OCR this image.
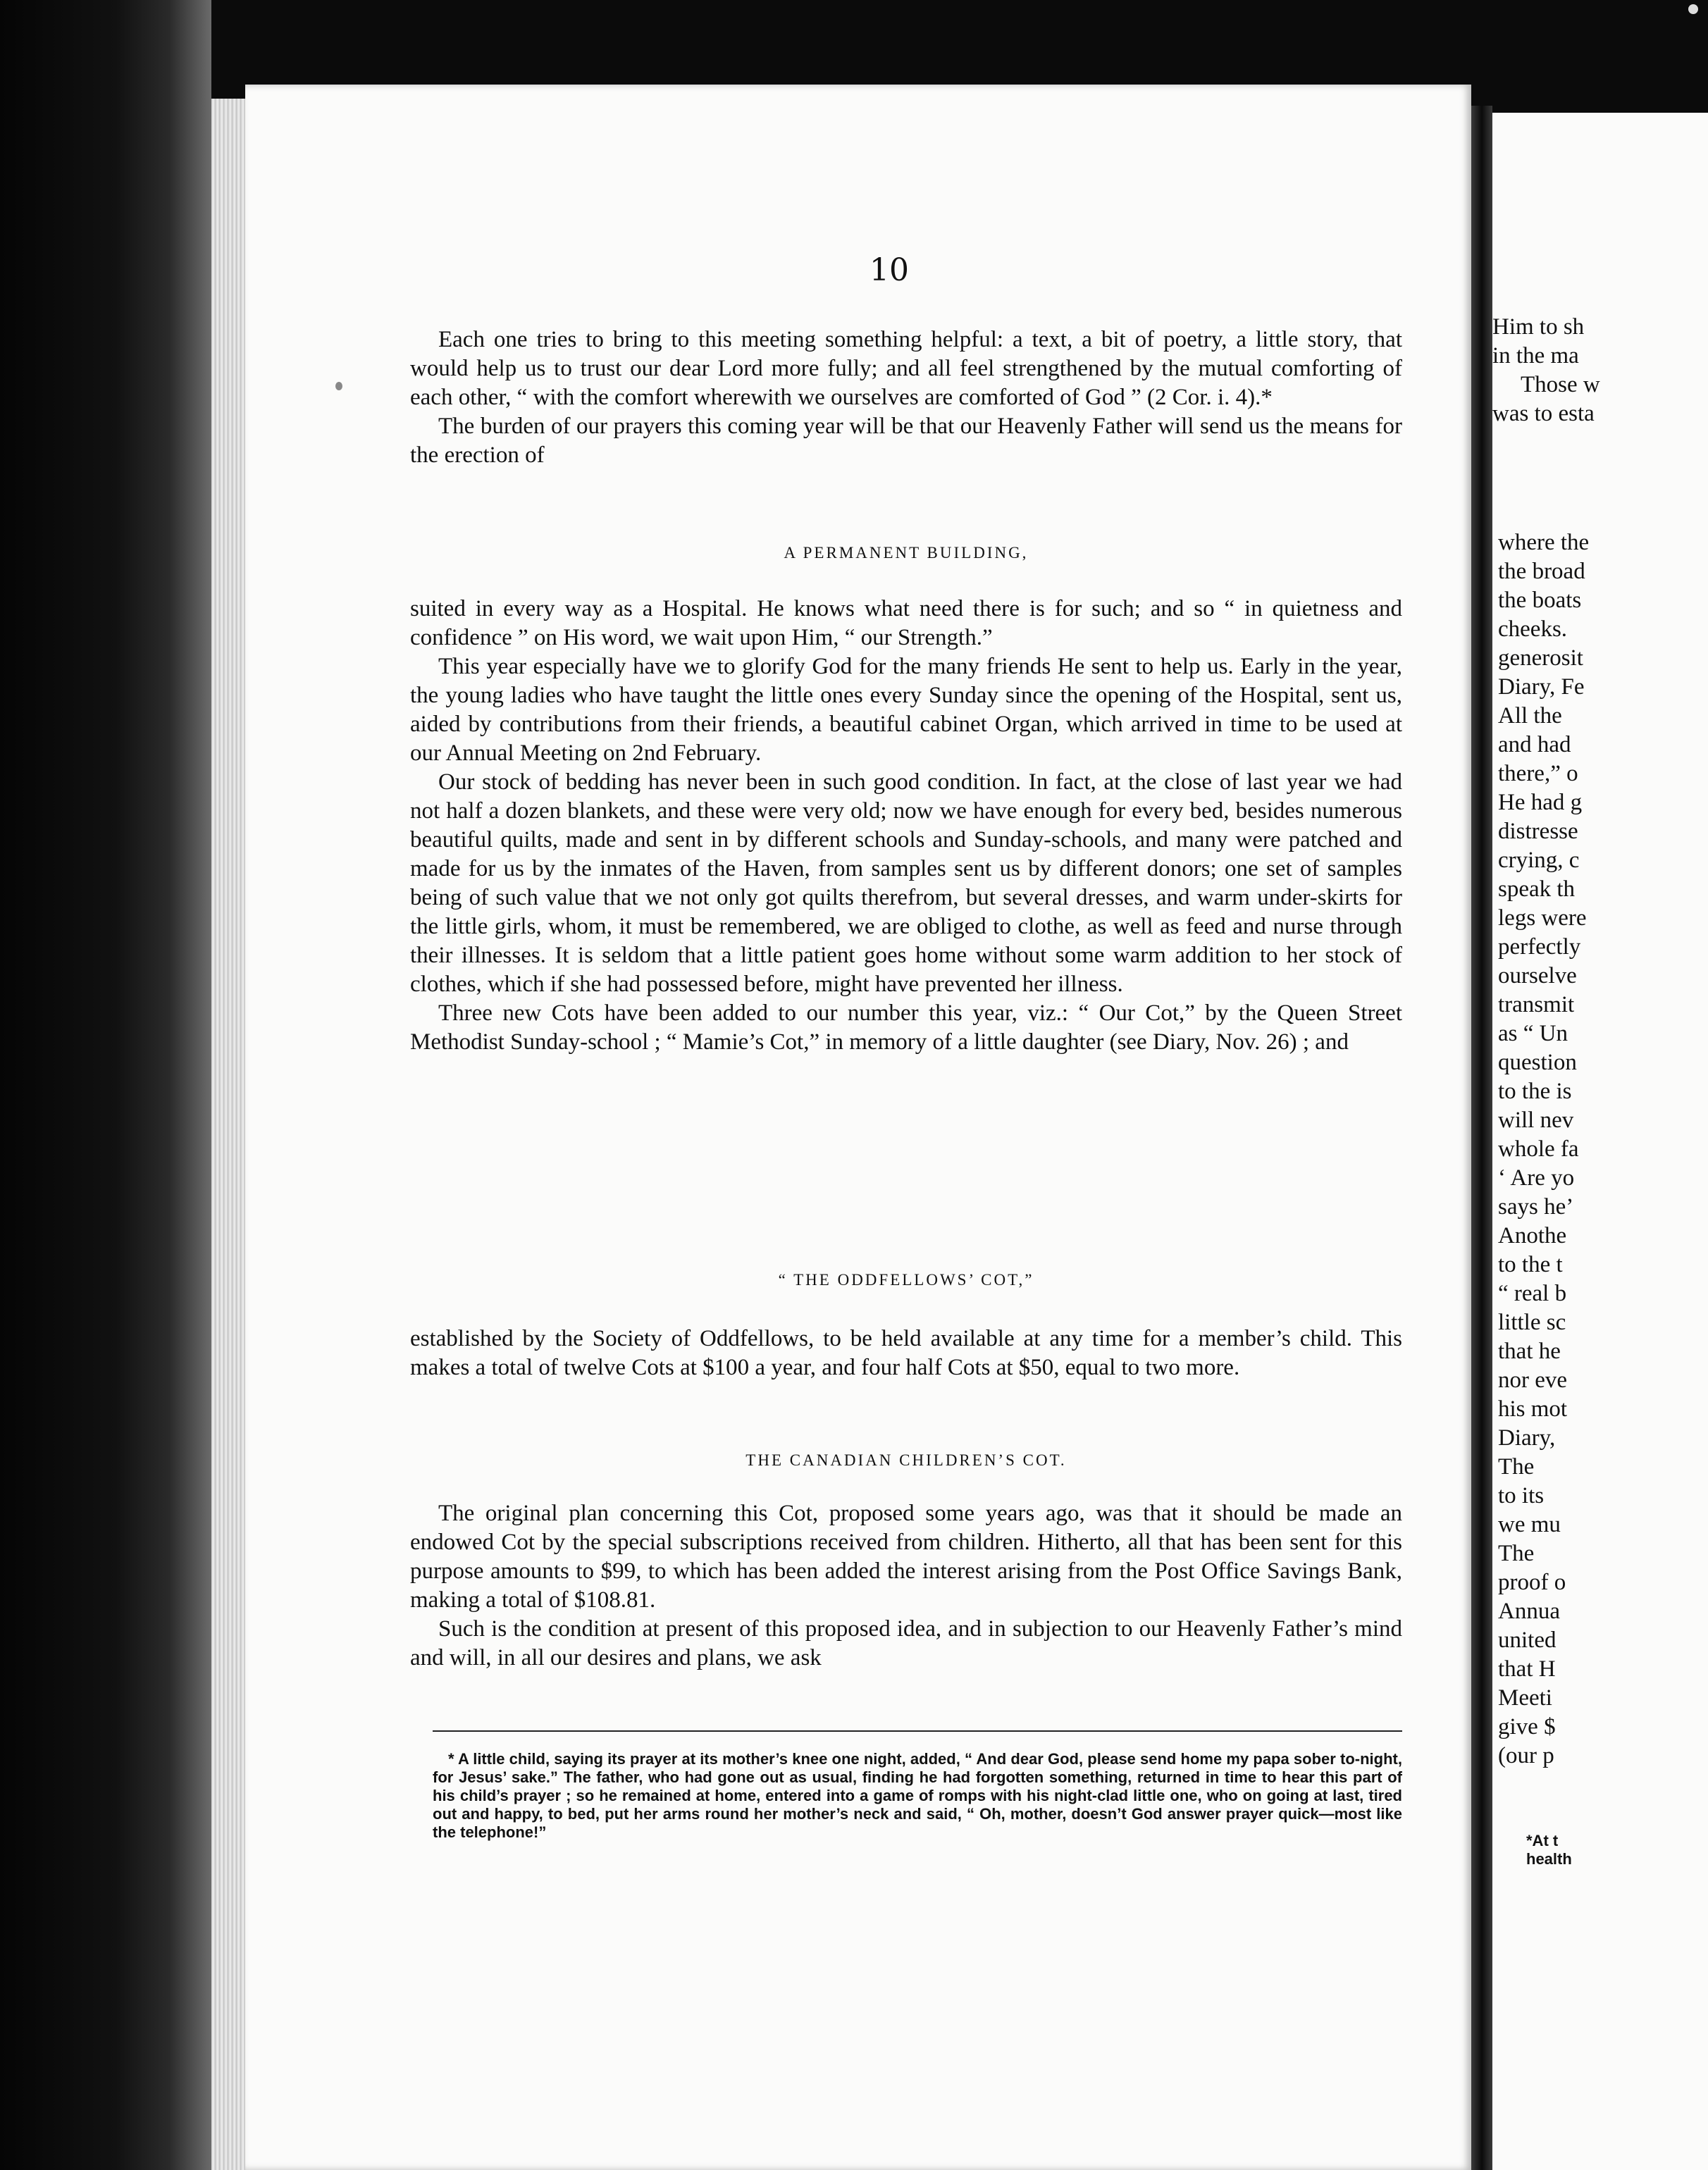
10

Each one tries to bring to this meeting something helpful: a text, a bit of poetry, a little story, that would help us to trust our dear Lord more fully; and all feel strengthened by the mutual comforting of each other, “ with the comfort wherewith we ourselves are comforted of God ” (2 Cor. i. 4).*

The burden of our prayers this coming year will be that our Heavenly Father will send us the means for the erection of

A PERMANENT BUILDING,

suited in every way as a Hospital. He knows what need there is for such; and so “ in quietness and confidence ” on His word, we wait upon Him, “ our Strength.”

This year especially have we to glorify God for the many friends He sent to help us. Early in the year, the young ladies who have taught the little ones every Sunday since the opening of the Hospital, sent us, aided by contributions from their friends, a beautiful cabinet Organ, which arrived in time to be used at our Annual Meeting on 2nd February.

Our stock of bedding has never been in such good condition. In fact, at the close of last year we had not half a dozen blankets, and these were very old; now we have enough for every bed, besides numerous beautiful quilts, made and sent in by different schools and Sunday-schools, and many were patched and made for us by the inmates of the Haven, from samples sent us by different donors; one set of samples being of such value that we not only got quilts therefrom, but several dresses, and warm under-skirts for the little girls, whom, it must be remembered, we are obliged to clothe, as well as feed and nurse through their illnesses. It is seldom that a little patient goes home without some warm addition to her stock of clothes, which if she had possessed before, might have prevented her illness.

Three new Cots have been added to our number this year, viz.: “ Our Cot,” by the Queen Street Methodist Sunday-school ; “ Mamie’s Cot,” in memory of a little daughter (see Diary, Nov. 26) ; and

“ THE ODDFELLOWS’ COT,”

established by the Society of Oddfellows, to be held available at any time for a member’s child. This makes a total of twelve Cots at $100 a year, and four half Cots at $50, equal to two more.

THE CANADIAN CHILDREN’S COT.

The original plan concerning this Cot, proposed some years ago, was that it should be made an endowed Cot by the special subscriptions received from children. Hitherto, all that has been sent for this purpose amounts to $99, to which has been added the interest arising from the Post Office Savings Bank, making a total of $108.81.

Such is the condition at present of this proposed idea, and in subjection to our Heavenly Father’s mind and will, in all our desires and plans, we ask

* A little child, saying its prayer at its mother’s knee one night, added, “ And dear God, please send home my papa sober to-night, for Jesus’ sake.” The father, who had gone out as usual, finding he had forgotten something, returned in time to hear this part of his child’s prayer ; so he remained at home, entered into a game of romps with his night-clad little one, who on going at last, tired out and happy, to bed, put her arms round her mother’s neck and said, “ Oh, mother, doesn’t God answer prayer quick—most like the telephone!”

Him to sh
in the ma
Those w
was to esta
where the
the broad
the boats
cheeks.
generosit
Diary, Fe
All the
and had
there,” o
He had g
distresse
crying, c
speak th
legs were
perfectly
ourselve
transmit
as “ Un
question
to the is
will nev
whole fa
‘ Are yo
says he’
Anothe
to the t
“ real b
little sc
that he
nor eve
his mot
Diary,
The
to its
we mu
The
proof o
Annua
united
that H
Meeti
give $
(our p
*At t
health
